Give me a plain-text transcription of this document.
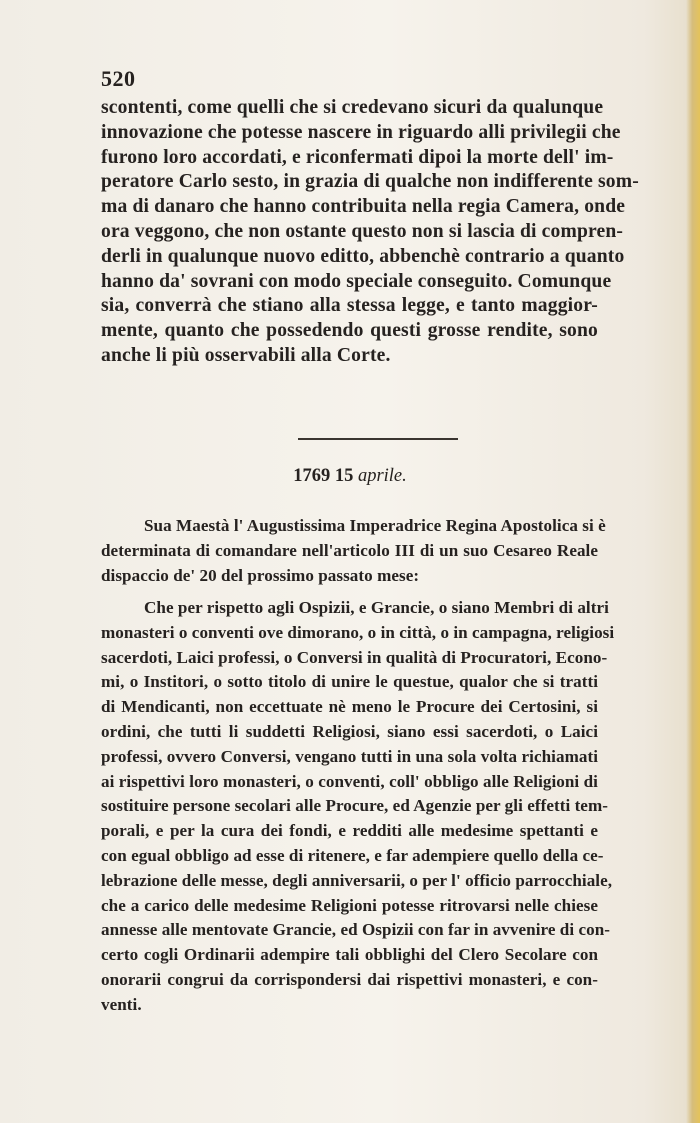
520
scontenti, come quelli che si credevano sicuri da qualunque
innovazione che potesse nascere in riguardo alli privilegii che
furono loro accordati, e riconfermati dipoi la morte dell' im-
peratore Carlo sesto, in grazia di qualche non indifferente som-
ma di danaro che hanno contribuita nella regia Camera, onde
ora veggono, che non ostante questo non si lascia di compren-
derli in qualunque nuovo editto, abbenchè contrario a quanto
hanno da' sovrani con modo speciale conseguito. Comunque
sia, converrà che stiano alla stessa legge, e tanto maggior-
mente, quanto che possedendo questi grosse rendite, sono
anche li più osservabili alla Corte.
1769 15 aprile.
Sua Maestà l' Augustissima Imperadrice Regina Apostolica si è
determinata di comandare nell'articolo III di un suo Cesareo Reale
dispaccio de' 20 del prossimo passato mese:
Che per rispetto agli Ospizii, e Grancie, o siano Membri di altri
monasteri o conventi ove dimorano, o in città, o in campagna, religiosi
sacerdoti, Laici professi, o Conversi in qualità di Procuratori, Econo-
mi, o Institori, o sotto titolo di unire le questue, qualor che si tratti
di Mendicanti, non eccettuate nè meno le Procure dei Certosini, si
ordini, che tutti li suddetti Religiosi, siano essi sacerdoti, o Laici
professi, ovvero Conversi, vengano tutti in una sola volta richiamati
ai rispettivi loro monasteri, o conventi, coll' obbligo alle Religioni di
sostituire persone secolari alle Procure, ed Agenzie per gli effetti tem-
porali, e per la cura dei fondi, e redditi alle medesime spettanti e
con egual obbligo ad esse di ritenere, e far adempiere quello della ce-
lebrazione delle messe, degli anniversarii, o per l' officio parrocchiale,
che a carico delle medesime Religioni potesse ritrovarsi nelle chiese
annesse alle mentovate Grancie, ed Ospizii con far in avvenire di con-
certo cogli Ordinarii adempire tali obblighi del Clero Secolare con
onorarii congrui da corrispondersi dai rispettivi monasteri, e con-
venti.
